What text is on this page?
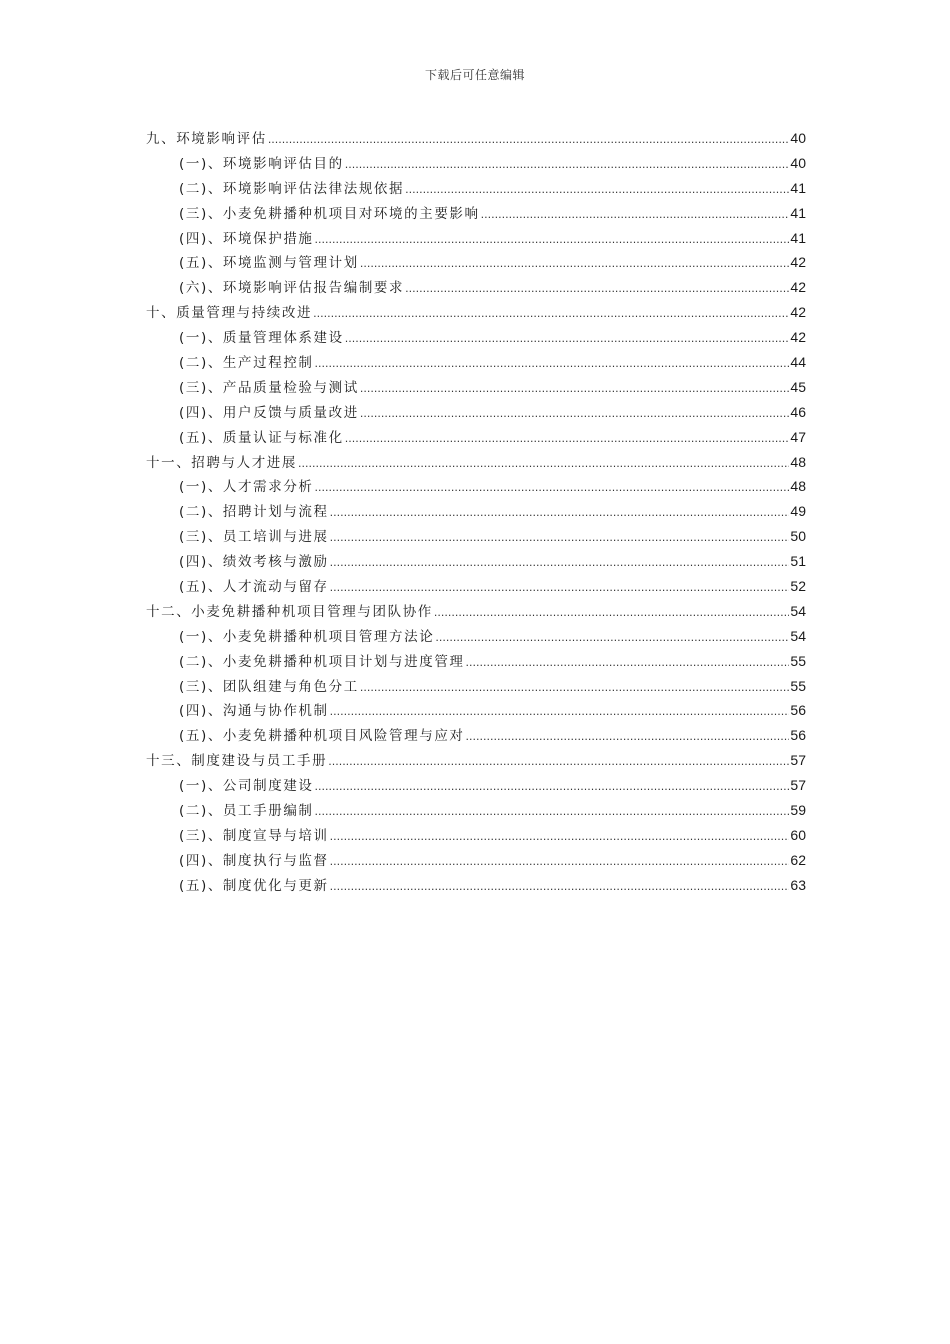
下载后可任意编辑
九、环境影响评估 .....	40
(一)、环境影响评估目的 .....	40
(二)、环境影响评估法律法规依据 .....	41
(三)、小麦免耕播种机项目对环境的主要影响 .....	41
(四)、环境保护措施 .....	41
(五)、环境监测与管理计划 .....	42
(六)、环境影响评估报告编制要求 .....	42
十、质量管理与持续改进 .....	42
(一)、质量管理体系建设 .....	42
(二)、生产过程控制 .....	44
(三)、产品质量检验与测试 .....	45
(四)、用户反馈与质量改进 .....	46
(五)、质量认证与标准化 .....	47
十一、招聘与人才进展 .....	48
(一)、人才需求分析 .....	48
(二)、招聘计划与流程 .....	49
(三)、员工培训与进展 .....	50
(四)、绩效考核与激励 .....	51
(五)、人才流动与留存 .....	52
十二、小麦免耕播种机项目管理与团队协作 .....	54
(一)、小麦免耕播种机项目管理方法论 .....	54
(二)、小麦免耕播种机项目计划与进度管理 .....	55
(三)、团队组建与角色分工 .....	55
(四)、沟通与协作机制 .....	56
(五)、小麦免耕播种机项目风险管理与应对 .....	56
十三、制度建设与员工手册 .....	57
(一)、公司制度建设 .....	57
(二)、员工手册编制 .....	59
(三)、制度宣导与培训 .....	60
(四)、制度执行与监督 .....	62
(五)、制度优化与更新 .....	63
